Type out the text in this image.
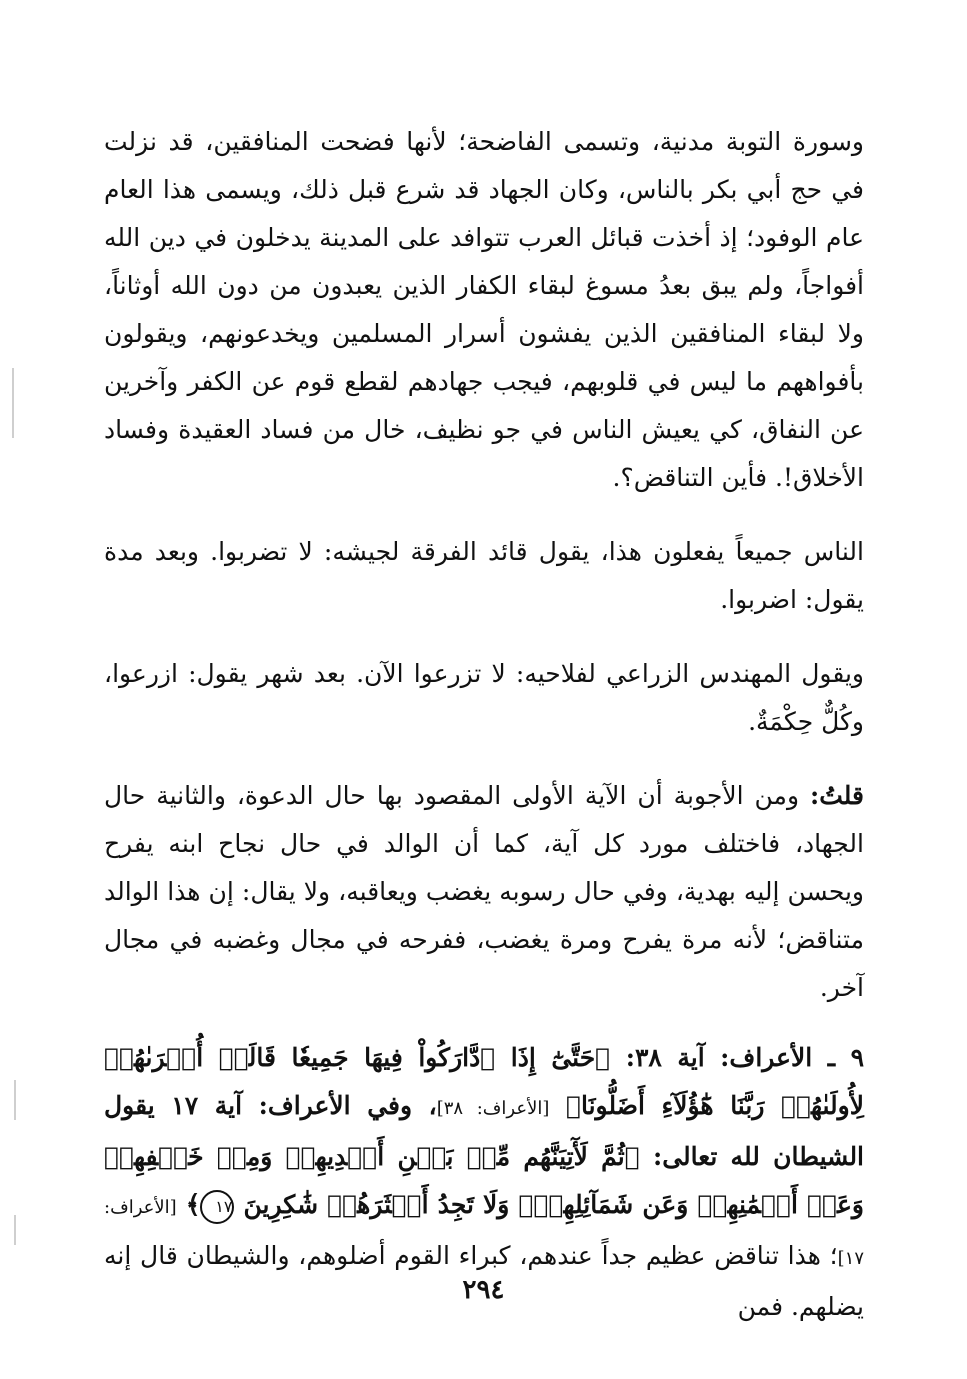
وسورة التوبة مدنية، وتسمى الفاضحة؛ لأنها فضحت المنافقين، قد نزلت في حج أبي بكر بالناس، وكان الجهاد قد شرع قبل ذلك، ويسمى هذا العام عام الوفود؛ إذ أخذت قبائل العرب تتوافد على المدينة يدخلون في دين الله أفواجاً، ولم يبق بعدُ مسوغ لبقاء الكفار الذين يعبدون من دون الله أوثاناً، ولا لبقاء المنافقين الذين يفشون أسرار المسلمين ويخدعونهم، ويقولون بأفواههم ما ليس في قلوبهم، فيجب جهادهم لقطع قوم عن الكفر وآخرين عن النفاق، كي يعيش الناس في جو نظيف، خال من فساد العقيدة وفساد الأخلاق!. فأين التناقض؟.

الناس جميعاً يفعلون هذا، يقول قائد الفرقة لجيشه: لا تضربوا. وبعد مدة يقول: اضربوا.

ويقول المهندس الزراعي لفلاحيه: لا تزرعوا الآن. بعد شهر يقول: ازرعوا، وكُلٌّ حِكْمَةٌ.

قلتُ: ومن الأجوبة أن الآية الأولى المقصود بها حال الدعوة، والثانية حال الجهاد، فاختلف مورد كل آية، كما أن الوالد في حال نجاح ابنه يفرح ويحسن إليه بهدية، وفي حال رسوبه يغضب ويعاقبه، ولا يقال: إن هذا الوالد متناقض؛ لأنه مرة يفرح ومرة يغضب، ففرحه في مجال وغضبه في مجال آخر.

٩ ـ الأعراف: آية ٣٨: ﴿حَتَّىٰٓ إِذَا ٱدَّارَكُواْ فِيهَا جَمِيعٗا قَالَتۡ أُخۡرَىٰهُمۡ لِأُولَىٰهُمۡ رَبَّنَا هَٰٓؤُلَآءِ أَضَلُّونَا﴾ [الأعراف: ٣٨]، وفي الأعراف: آية ١٧ يقول الشيطان لله تعالى: ﴿ثُمَّ لَأٓتِيَنَّهُم مِّنۢ بَيۡنِ أَيۡدِيهِمۡ وَمِنۡ خَلۡفِهِمۡ وَعَنۡ أَيۡمَٰنِهِمۡ وَعَن شَمَآئِلِهِمۡۖ وَلَا تَجِدُ أَكۡثَرَهُمۡ شَٰكِرِينَ ١٧﴾ [الأعراف: ١٧]؛ هذا تناقض عظيم جداً عندهم، كبراء القوم أضلوهم، والشيطان قال إنه يضلهم. فمن

٢٩٤
